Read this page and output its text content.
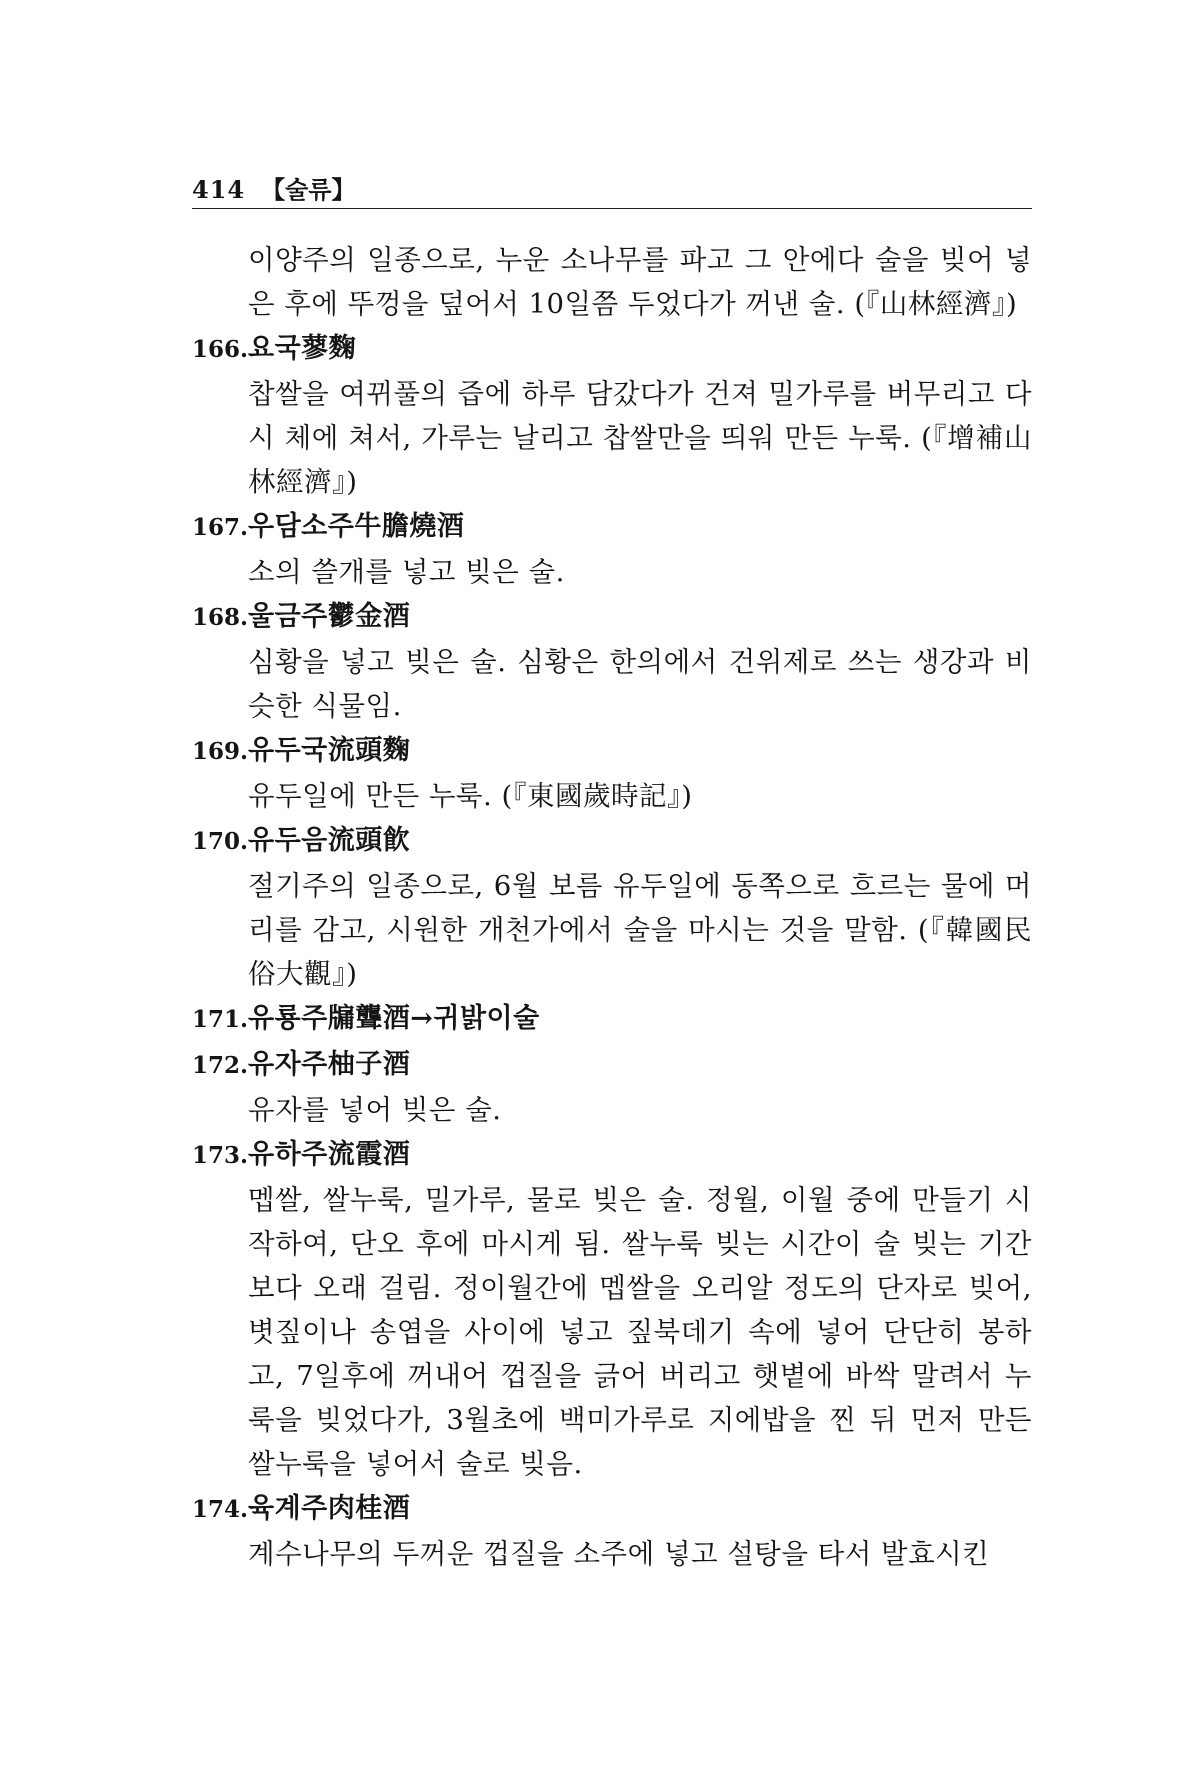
414 【술류】
이양주의 일종으로, 누운 소나무를 파고 그 안에다 술을 빚어 넣은 후에 뚜껑을 덮어서 10일쯤 두었다가 꺼낸 술. (『山林經濟』)
166. 요국蓼麴
찹쌀을 여뀌풀의 즙에 하루 담갔다가 건져 밀가루를 버무리고 다시 체에 쳐서, 가루는 날리고 찹쌀만을 띄워 만든 누룩. (『增補山林經濟』)
167. 우담소주牛膽燒酒
소의 쓸개를 넣고 빚은 술.
168. 울금주鬱金酒
심황을 넣고 빚은 술. 심황은 한의에서 건위제로 쓰는 생강과 비슷한 식물임.
169. 유두국流頭麴
유두일에 만든 누룩. (『東國歲時記』)
170. 유두음流頭飮
절기주의 일종으로, 6월 보름 유두일에 동쪽으로 흐르는 물에 머리를 감고, 시원한 개천가에서 술을 마시는 것을 말함. (『韓國民俗大觀』)
171. 유룡주牖聾酒→귀밝이술
172. 유자주柚子酒
유자를 넣어 빚은 술.
173. 유하주流霞酒
멥쌀, 쌀누룩, 밀가루, 물로 빚은 술. 정월, 이월 중에 만들기 시작하여, 단오 후에 마시게 됨. 쌀누룩 빚는 시간이 술 빚는 기간보다 오래 걸림. 정이월간에 멥쌀을 오리알 정도의 단자로 빚어, 볏짚이나 송엽을 사이에 넣고 짚북데기 속에 넣어 단단히 봉하고, 7일후에 꺼내어 껍질을 긁어 버리고 햇볕에 바싹 말려서 누룩을 빚었다가, 3월초에 백미가루로 지에밥을 찐 뒤 먼저 만든 쌀누룩을 넣어서 술로 빚음.
174. 육계주肉桂酒
계수나무의 두꺼운 껍질을 소주에 넣고 설탕을 타서 발효시킨
